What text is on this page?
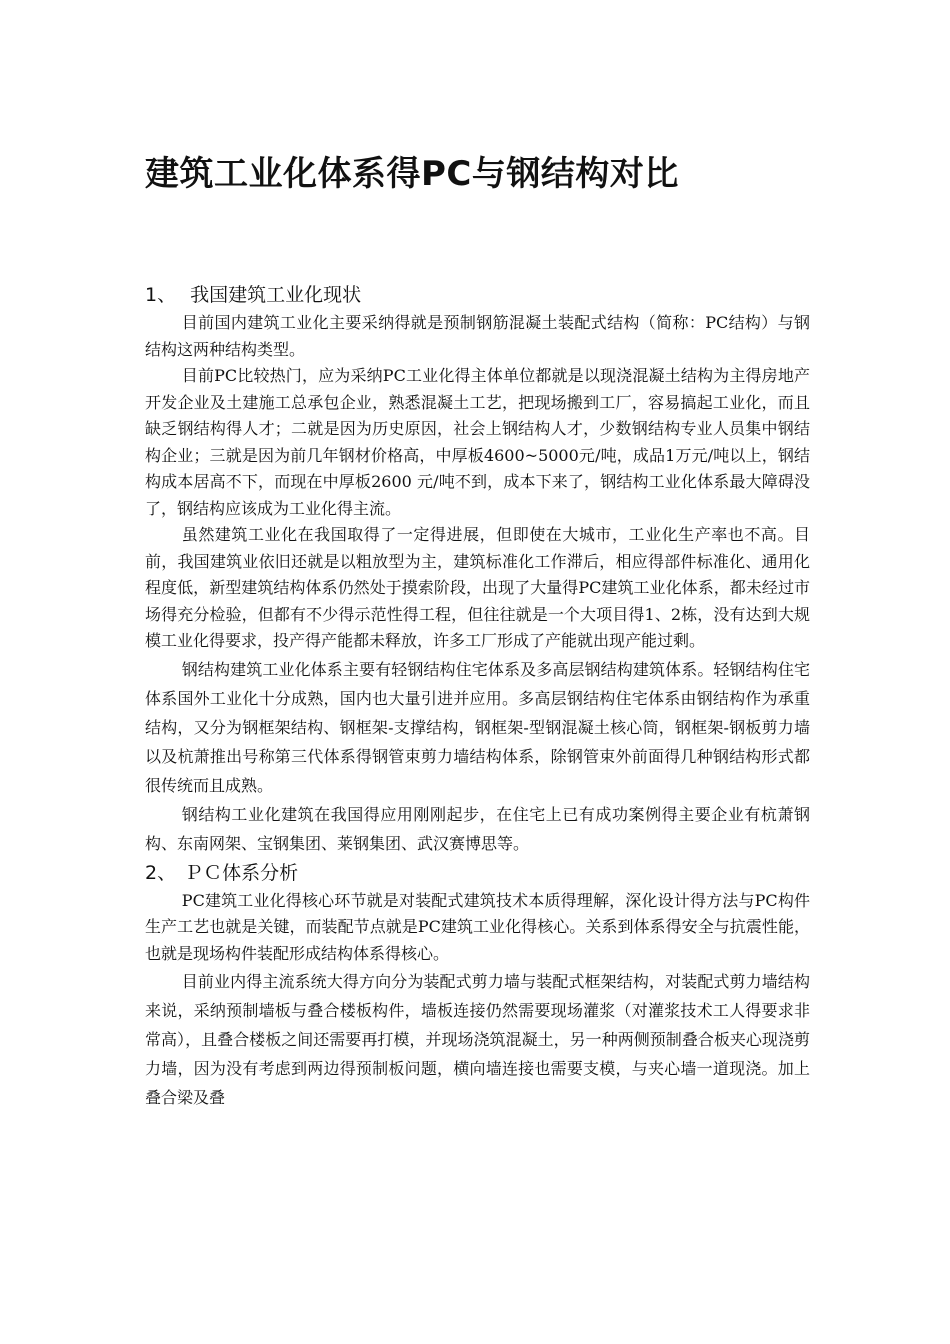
建筑工业化体系得PC与钢结构对比
1、 我国建筑工业化现状

目前国内建筑工业化主要采纳得就是预制钢筋混凝土装配式结构（简称：PC结构）与钢结构这两种结构类型。

目前PC比较热门，应为采纳PC工业化得主体单位都就是以现浇混凝土结构为主得房地产开发企业及土建施工总承包企业，熟悉混凝土工艺，把现场搬到工厂，容易搞起工业化，而且缺乏钢结构得人才；二就是因为历史原因，社会上钢结构人才，少数钢结构专业人员集中钢结构企业；三就是因为前几年钢材价格高，中厚板4600~5000元/吨，成品1万元/吨以上，钢结构成本居高不下，而现在中厚板2600 元/吨不到，成本下来了，钢结构工业化体系最大障碍没了，钢结构应该成为工业化得主流。

虽然建筑工业化在我国取得了一定得进展，但即使在大城市，工业化生产率也不高。目前，我国建筑业依旧还就是以粗放型为主，建筑标准化工作滞后，相应得部件标准化、通用化程度低，新型建筑结构体系仍然处于摸索阶段，出现了大量得PC建筑工业化体系，都未经过市场得充分检验，但都有不少得示范性得工程，但往往就是一个大项目得1、2栋，没有达到大规模工业化得要求，投产得产能都未释放，许多工厂形成了产能就出现产能过剩。

钢结构建筑工业化体系主要有轻钢结构住宅体系及多高层钢结构建筑体系。轻钢结构住宅体系国外工业化十分成熟，国内也大量引进并应用。多高层钢结构住宅体系由钢结构作为承重结构，又分为钢框架结构、钢框架-支撑结构，钢框架-型钢混凝土核心筒，钢框架-钢板剪力墙以及杭萧推出号称第三代体系得钢管束剪力墙结构体系，除钢管束外前面得几种钢结构形式都很传统而且成熟。

钢结构工业化建筑在我国得应用刚刚起步，在住宅上已有成功案例得主要企业有杭萧钢构、东南网架、宝钢集团、莱钢集团、武汉赛博思等。

2、 ＰＣ体系分析

PC建筑工业化得核心环节就是对装配式建筑技术本质得理解，深化设计得方法与PC构件生产工艺也就是关键，而装配节点就是PC建筑工业化得核心。关系到体系得安全与抗震性能，也就是现场构件装配形成结构体系得核心。

目前业内得主流系统大得方向分为装配式剪力墙与装配式框架结构，对装配式剪力墙结构来说，采纳预制墙板与叠合楼板构件，墙板连接仍然需要现场灌浆（对灌浆技术工人得要求非常高），且叠合楼板之间还需要再打模，并现场浇筑混凝土，另一种两侧预制叠合板夹心现浇剪力墙，因为没有考虑到两边得预制板问题，横向墙连接也需要支模，与夹心墙一道现浇。加上叠合梁及叠
